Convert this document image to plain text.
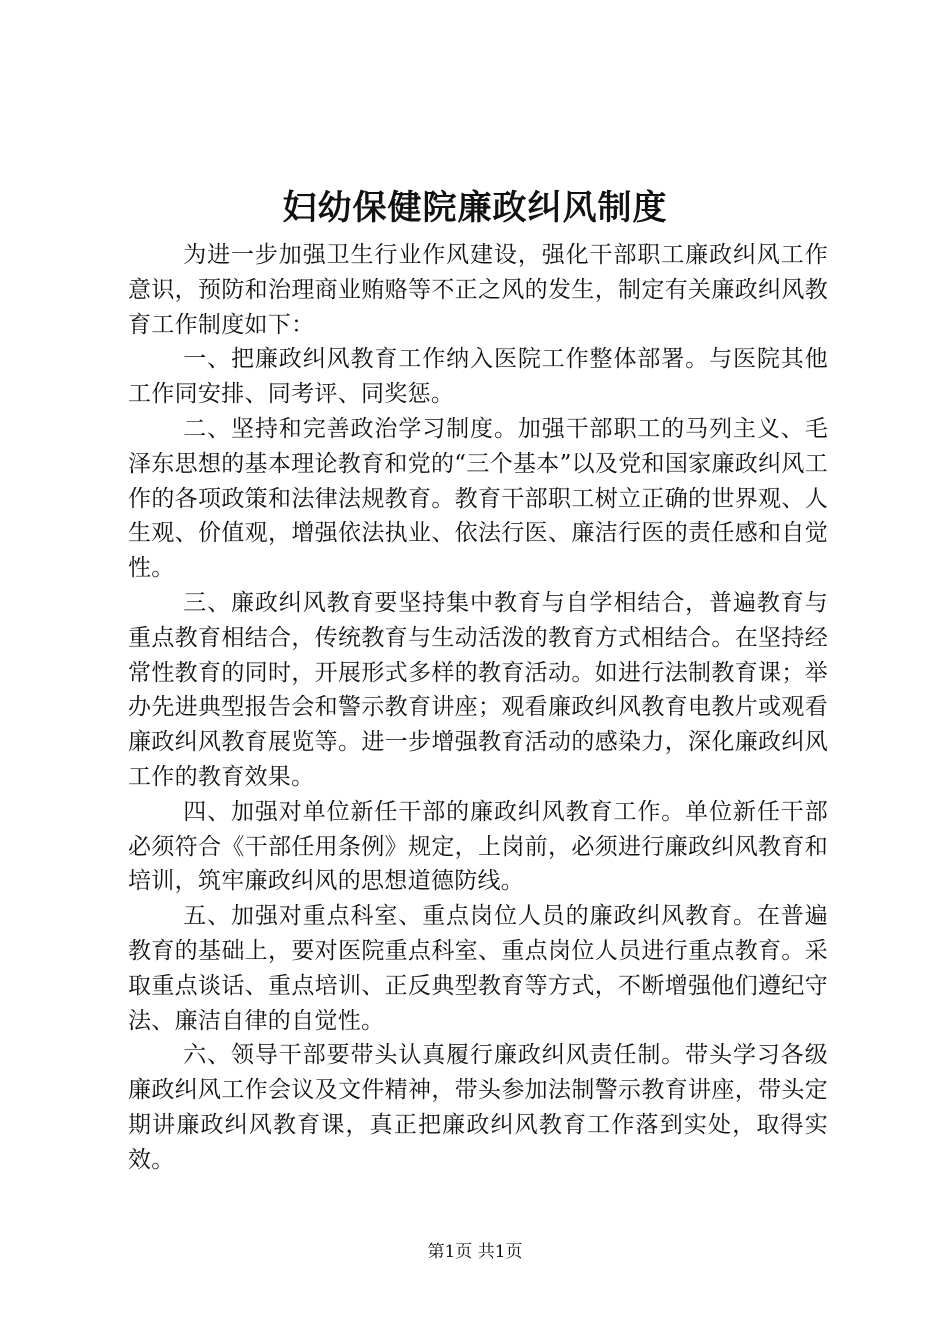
妇幼保健院廉政纠风制度

为进一步加强卫生行业作风建设，强化干部职工廉政纠风工作意识，预防和治理商业贿赂等不正之风的发生，制定有关廉政纠风教育工作制度如下：

一、把廉政纠风教育工作纳入医院工作整体部署。与医院其他工作同安排、同考评、同奖惩。

二、坚持和完善政治学习制度。加强干部职工的马列主义、毛泽东思想的基本理论教育和党的“三个基本”以及党和国家廉政纠风工作的各项政策和法律法规教育。教育干部职工树立正确的世界观、人生观、价值观，增强依法执业、依法行医、廉洁行医的责任感和自觉性。

三、廉政纠风教育要坚持集中教育与自学相结合，普遍教育与重点教育相结合，传统教育与生动活泼的教育方式相结合。在坚持经常性教育的同时，开展形式多样的教育活动。如进行法制教育课；举办先进典型报告会和警示教育讲座；观看廉政纠风教育电教片或观看廉政纠风教育展览等。进一步增强教育活动的感染力，深化廉政纠风工作的教育效果。

四、加强对单位新任干部的廉政纠风教育工作。单位新任干部必须符合《干部任用条例》规定，上岗前，必须进行廉政纠风教育和培训，筑牢廉政纠风的思想道德防线。

五、加强对重点科室、重点岗位人员的廉政纠风教育。在普遍教育的基础上，要对医院重点科室、重点岗位人员进行重点教育。采取重点谈话、重点培训、正反典型教育等方式，不断增强他们遵纪守法、廉洁自律的自觉性。

六、领导干部要带头认真履行廉政纠风责任制。带头学习各级廉政纠风工作会议及文件精神，带头参加法制警示教育讲座，带头定期讲廉政纠风教育课，真正把廉政纠风教育工作落到实处，取得实效。

第1页 共1页
